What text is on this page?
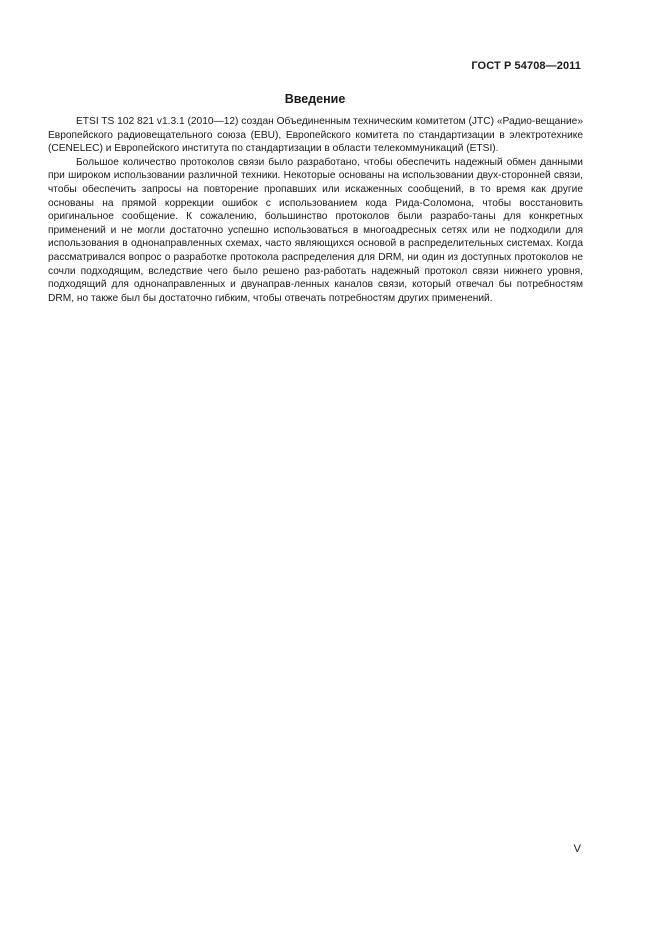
ГОСТ Р 54708—2011
Введение

ETSI TS 102 821 v1.3.1 (2010—12) создан Объединенным техническим комитетом (JTC) «Радио-вещание» Европейского радиовещательного союза (EBU), Европейского комитета по стандартизации в электротехнике (CENELEC) и Европейского института по стандартизации в области телекоммуникаций (ETSI).

Большое количество протоколов связи было разработано, чтобы обеспечить надежный обмен данными при широком использовании различной техники. Некоторые основаны на использовании двух-сторонней связи, чтобы обеспечить запросы на повторение пропавших или искаженных сообщений, в то время как другие основаны на прямой коррекции ошибок с использованием кода Рида-Соломона, чтобы восстановить оригинальное сообщение. К сожалению, большинство протоколов были разрабо-таны для конкретных применений и не могли достаточно успешно использоваться в многоадресных сетях или не подходили для использования в однонаправленных схемах, часто являющихся основой в распределительных системах. Когда рассматривался вопрос о разработке протокола распределения для DRM, ни один из доступных протоколов не сочли подходящим, вследствие чего было решено раз-работать надежный протокол связи нижнего уровня, подходящий для однонаправленных и двунаправ-ленных каналов связи, который отвечал бы потребностям DRM, но также был бы достаточно гибким, чтобы отвечать потребностям других применений.

V
